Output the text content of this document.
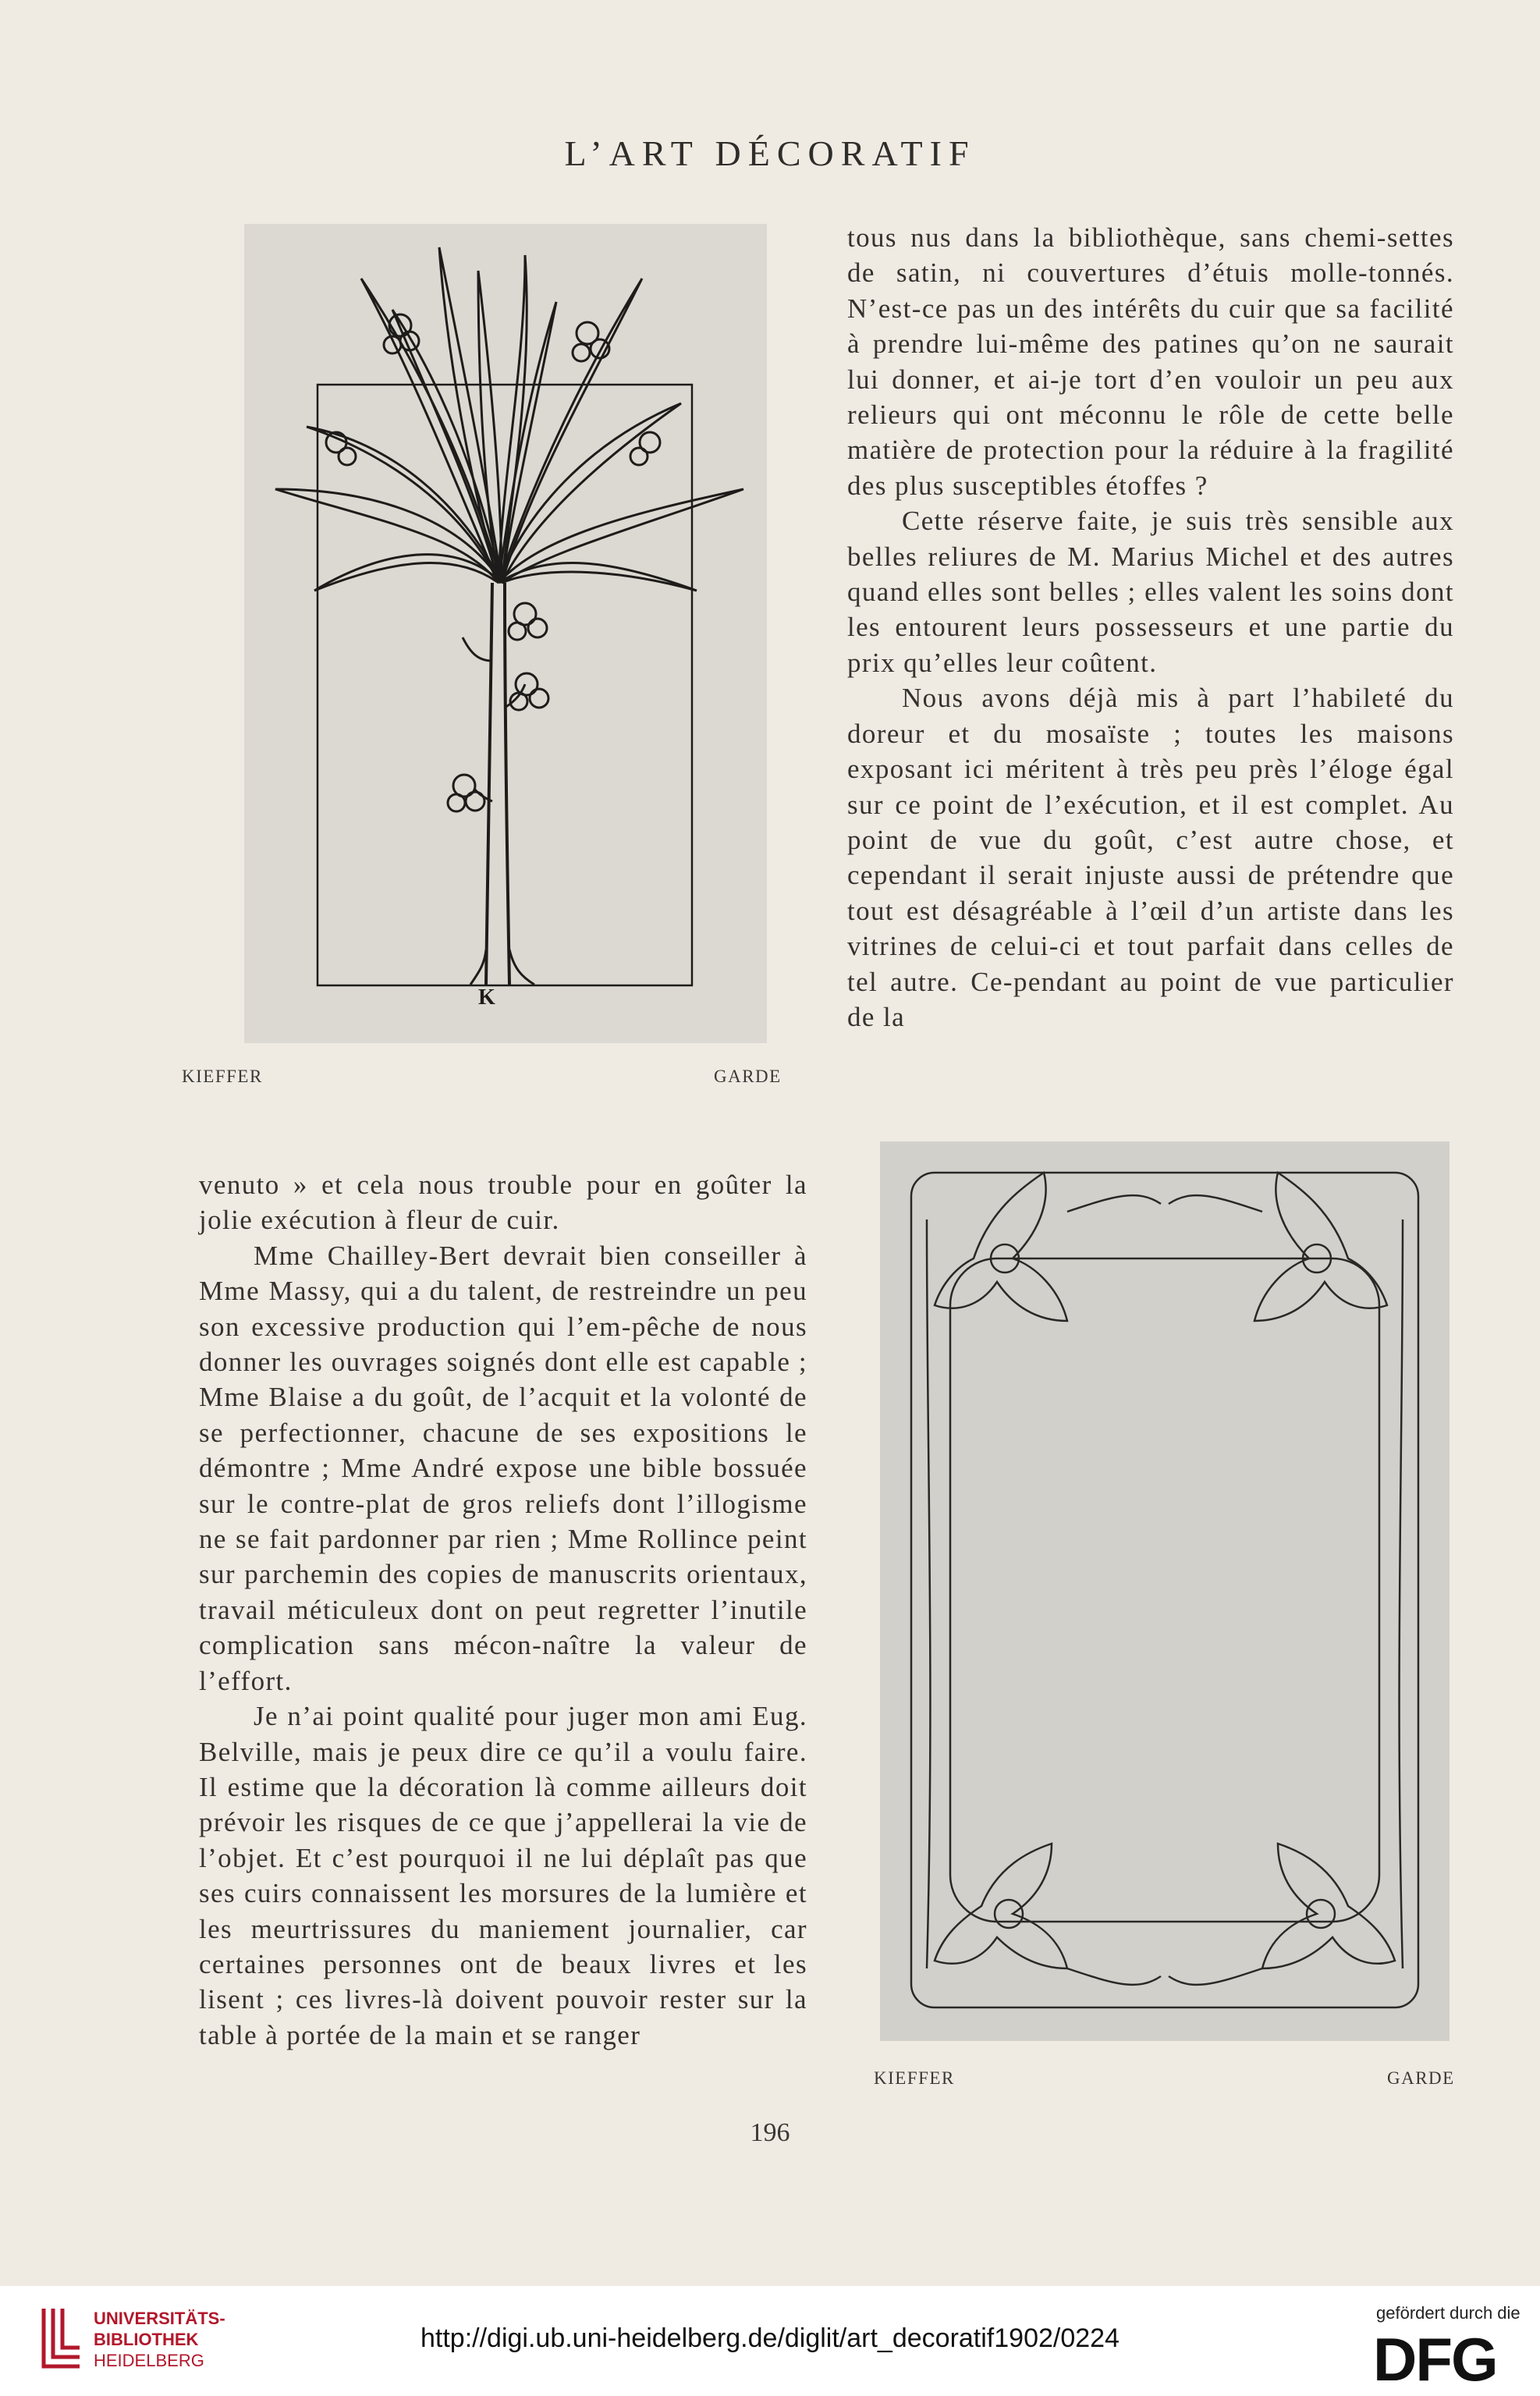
L’ART DÉCORATIF
K
KIEFFER	GARDE

tous nus dans la bibliothèque, sans chemi-settes de satin, ni couvertures d’étuis molle-tonnés. N’est-ce pas un des intérêts du cuir que sa facilité à prendre lui-même des patines qu’on ne saurait lui donner, et ai-je tort d’en vouloir un peu aux relieurs qui ont méconnu le rôle de cette belle matière de protection pour la réduire à la fragilité des plus susceptibles étoffes ?

Cette réserve faite, je suis très sensible aux belles reliures de M. Marius Michel et des autres quand elles sont belles ; elles valent les soins dont les entourent leurs possesseurs et une partie du prix qu’elles leur coûtent.

Nous avons déjà mis à part l’habileté du doreur et du mosaïste ; toutes les maisons exposant ici méritent à très peu près l’éloge égal sur ce point de l’exécution, et il est complet. Au point de vue du goût, c’est autre chose, et cependant il serait injuste aussi de prétendre que tout est désagréable à l’œil d’un artiste dans les vitrines de celui-ci et tout parfait dans celles de tel autre. Ce-pendant au point de vue particulier de la

venuto » et cela nous trouble pour en goûter la jolie exécution à fleur de cuir.

Mme Chailley-Bert devrait bien conseiller à Mme Massy, qui a du talent, de restreindre un peu son excessive production qui l’em-pêche de nous donner les ouvrages soignés dont elle est capable ; Mme Blaise a du goût, de l’acquit et la volonté de se perfectionner, chacune de ses expositions le démontre ; Mme André expose une bible bossuée sur le contre-plat de gros reliefs dont l’illogisme ne se fait pardonner par rien ; Mme Rollince peint sur parchemin des copies de manuscrits orientaux, travail méticuleux dont on peut regretter l’inutile complication sans mécon-naître la valeur de l’effort.

Je n’ai point qualité pour juger mon ami Eug. Belville, mais je peux dire ce qu’il a voulu faire. Il estime que la décoration là comme ailleurs doit prévoir les risques de ce que j’appellerai la vie de l’objet. Et c’est pourquoi il ne lui déplaît pas que ses cuirs connaissent les morsures de la lumière et les meurtrissures du maniement journalier, car certaines personnes ont de beaux livres et les lisent ; ces livres-là doivent pouvoir rester sur la table à portée de la main et se ranger

KIEFFER	GARDE
196
UNIVERSITÄTS-
BIBLIOTHEK
HEIDELBERG
http://digi.ub.uni-heidelberg.de/diglit/art_decoratif1902/0224
gefördert durch die
DFG
